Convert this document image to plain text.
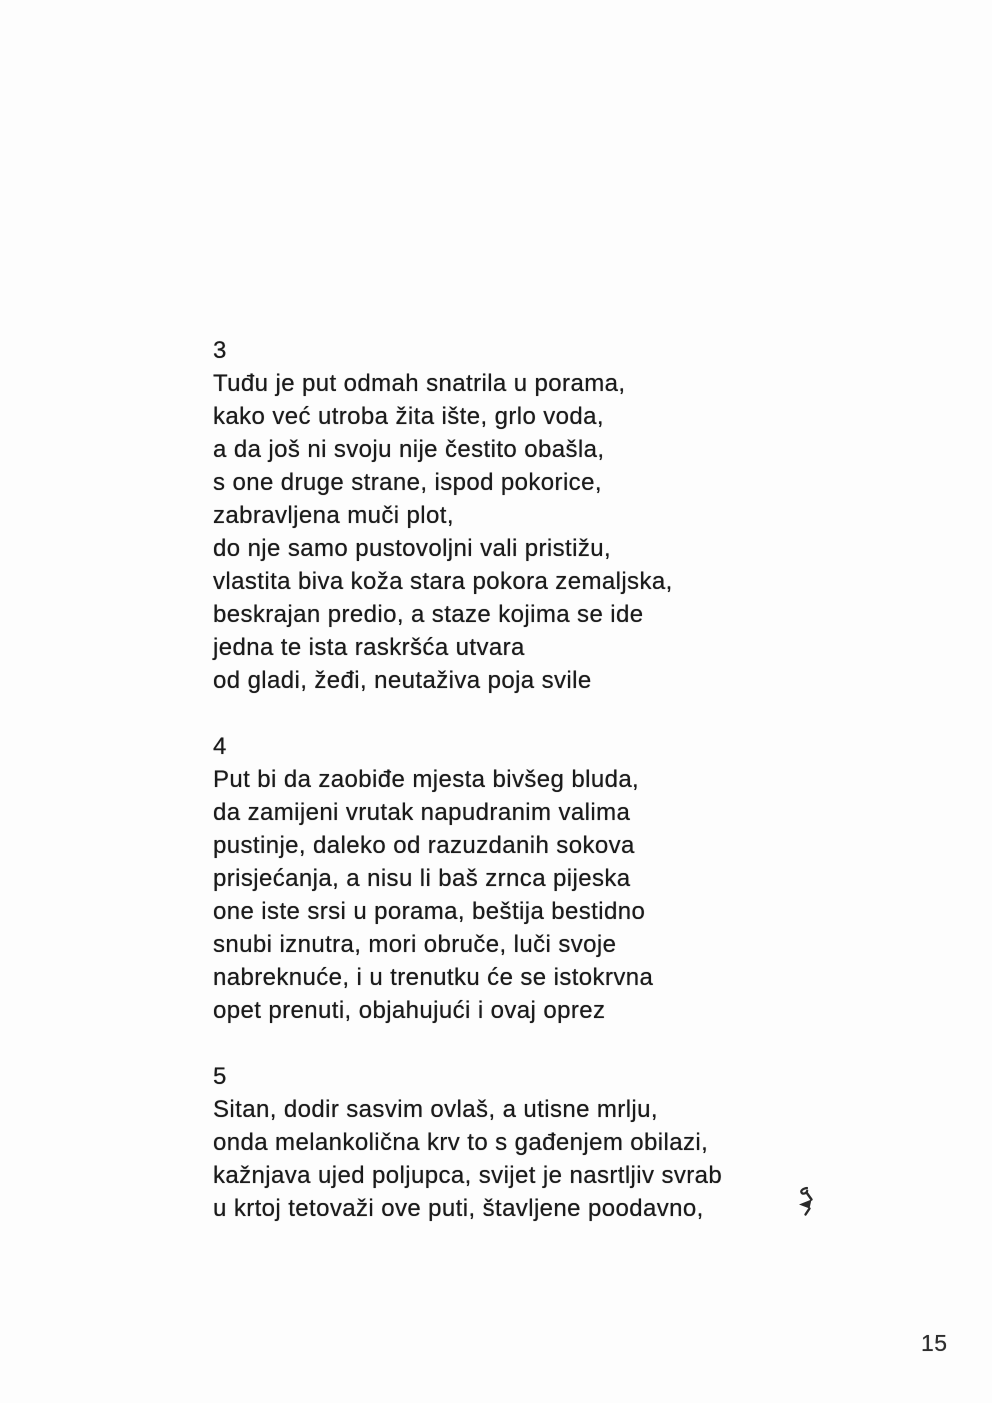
3

Tuđu je put odmah snatrila u porama,

kako već utroba žita ište, grlo voda,

a da još ni svoju nije čestito obašla,

s one druge strane, ispod pokorice,

zabravljena muči plot,

do nje samo pustovoljni vali pristižu,

vlastita biva koža stara pokora zemaljska,

beskrajan predio, a staze kojima se ide

jedna te ista raskršća utvara

od gladi, žeđi, neutaživa poja svile

4

Put bi da zaobiđe mjesta bivšeg bluda,

da zamijeni vrutak napudranim valima

pustinje, daleko od razuzdanih sokova

prisjećanja, a nisu li baš zrnca pijeska

one iste srsi u porama, beštija bestidno

snubi iznutra, mori obruče, luči svoje

nabreknuće, i u trenutku će se istokrvna

opet prenuti, objahujući i ovaj oprez

5

Sitan, dodir sasvim ovlaš, a utisne mrlju,

onda melankolična krv to s gađenjem obilazi,

kažnjava ujed poljupca, svijet je nasrtljiv svrab

u krtoj tetovaži ove puti, štavljene poodavno,

15
